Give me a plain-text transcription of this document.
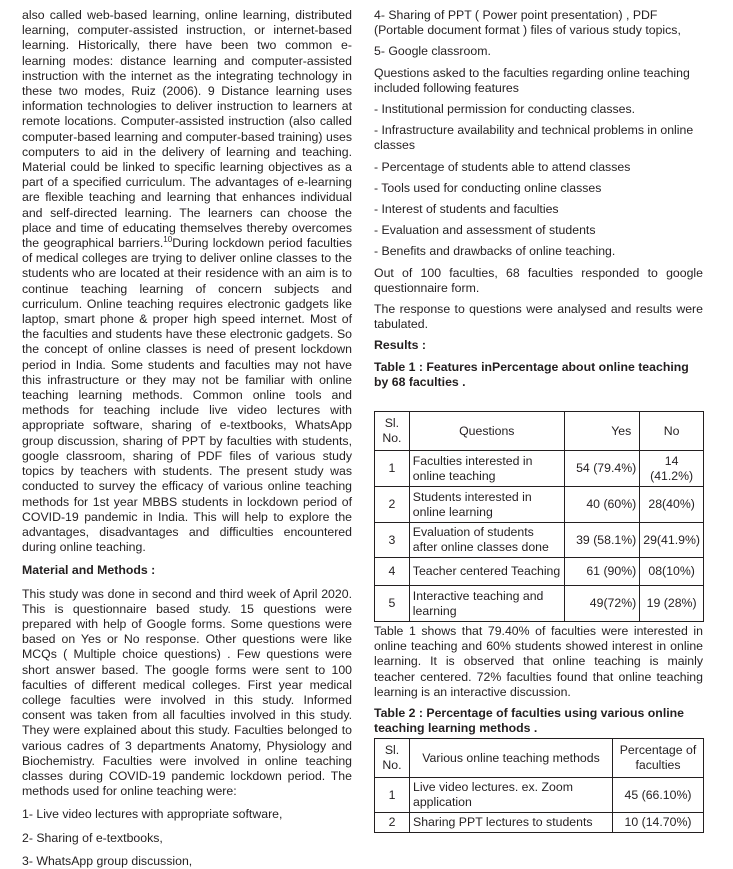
also called web-based learning, online learning, distributed learning, computer-assisted instruction, or internet-based learning. Historically, there have been two common e-learning modes: distance learning and computer-assisted instruction with the internet as the integrating technology in these two modes, Ruiz (2006). 9 Distance learning uses information technologies to deliver instruction to learners at remote locations. Computer-assisted instruction (also called computer-based learning and computer-based training) uses computers to aid in the delivery of learning and teaching. Material could be linked to specific learning objectives as a part of a specified curriculum. The advantages of e-learning are flexible teaching and learning that enhances individual and self-directed learning. The learners can choose the place and time of educating themselves thereby overcomes the geographical barriers.$^{10}$During lockdown period faculties of medical colleges are trying to deliver online classes to the students who are located at their residence with an aim is to continue teaching learning of concern subjects and curriculum. Online teaching requires electronic gadgets like laptop, smart phone & proper high speed internet. Most of the faculties and students have these electronic gadgets. So the concept of online classes is need of present lockdown period in India. Some students and faculties may not have this infrastructure or they may not be familiar with online teaching learning methods. Common online tools and methods for teaching include live video lectures with appropriate software, sharing of e-textbooks, WhatsApp group discussion, sharing of PPT by faculties with students, google classroom, sharing of PDF files of various study topics by teachers with students. The present study was conducted to survey the efficacy of various online teaching methods for 1st year MBBS students in lockdown period of COVID-19 pandemic in India. This will help to explore the advantages, disadvantages and difficulties encountered during online teaching.

Material and Methods :

This study was done in second and third week of April 2020. This is questionnaire based study. 15 questions were prepared with help of Google forms. Some questions were based on Yes or No response. Other questions were like MCQs ( Multiple choice questions) . Few questions were short answer based. The google forms were sent to 100 faculties of different medical colleges. First year medical college faculties were involved in this study. Informed consent was taken from all faculties involved in this study. They were explained about this study. Faculties belonged to various cadres of 3 departments Anatomy, Physiology and Biochemistry. Faculties were involved in online teaching classes during COVID-19 pandemic lockdown period. The methods used for online teaching were:

1- Live video lectures with appropriate software,

2- Sharing of e-textbooks,

3- WhatsApp group discussion,

4- Sharing of PPT ( Power point presentation) , PDF (Portable document format ) files of various study topics,

5- Google classroom.

Questions asked to the faculties regarding online teaching included following features

- Institutional permission for conducting classes.

- Infrastructure availability and technical problems in online classes

- Percentage of students able to attend classes

- Tools used for conducting online classes

- Interest of students and faculties

- Evaluation and assessment of students

- Benefits and drawbacks of online teaching.

Out of 100 faculties, 68 faculties responded to google questionnaire form.

The response to questions were analysed and results were tabulated.

Results :

Table 1 : Features inPercentage about online teaching by 68 faculties .

Sl. No.	Questions	Yes	No
1	Faculties interested in online teaching	54 (79.4%)	14 (41.2%)
2	Students interested in online learning	40 (60%)	28(40%)
3	Evaluation of students after online classes done	39 (58.1%)	29(41.9%)
4	Teacher centered Teaching	61 (90%)	08(10%)
5	Interactive teaching and learning	49(72%)	19 (28%)

Table 1 shows that 79.40% of faculties were interested in online teaching and 60% students showed interest in online learning. It is observed that online teaching is mainly teacher centered. 72% faculties found that online teaching learning is an interactive discussion.

Table 2 : Percentage of faculties using various online teaching learning methods .

Sl. No.	Various online teaching methods	Percentage of faculties
1	Live video lectures. ex. Zoom application	45 (66.10%)
2	Sharing PPT lectures to students	10 (14.70%)
